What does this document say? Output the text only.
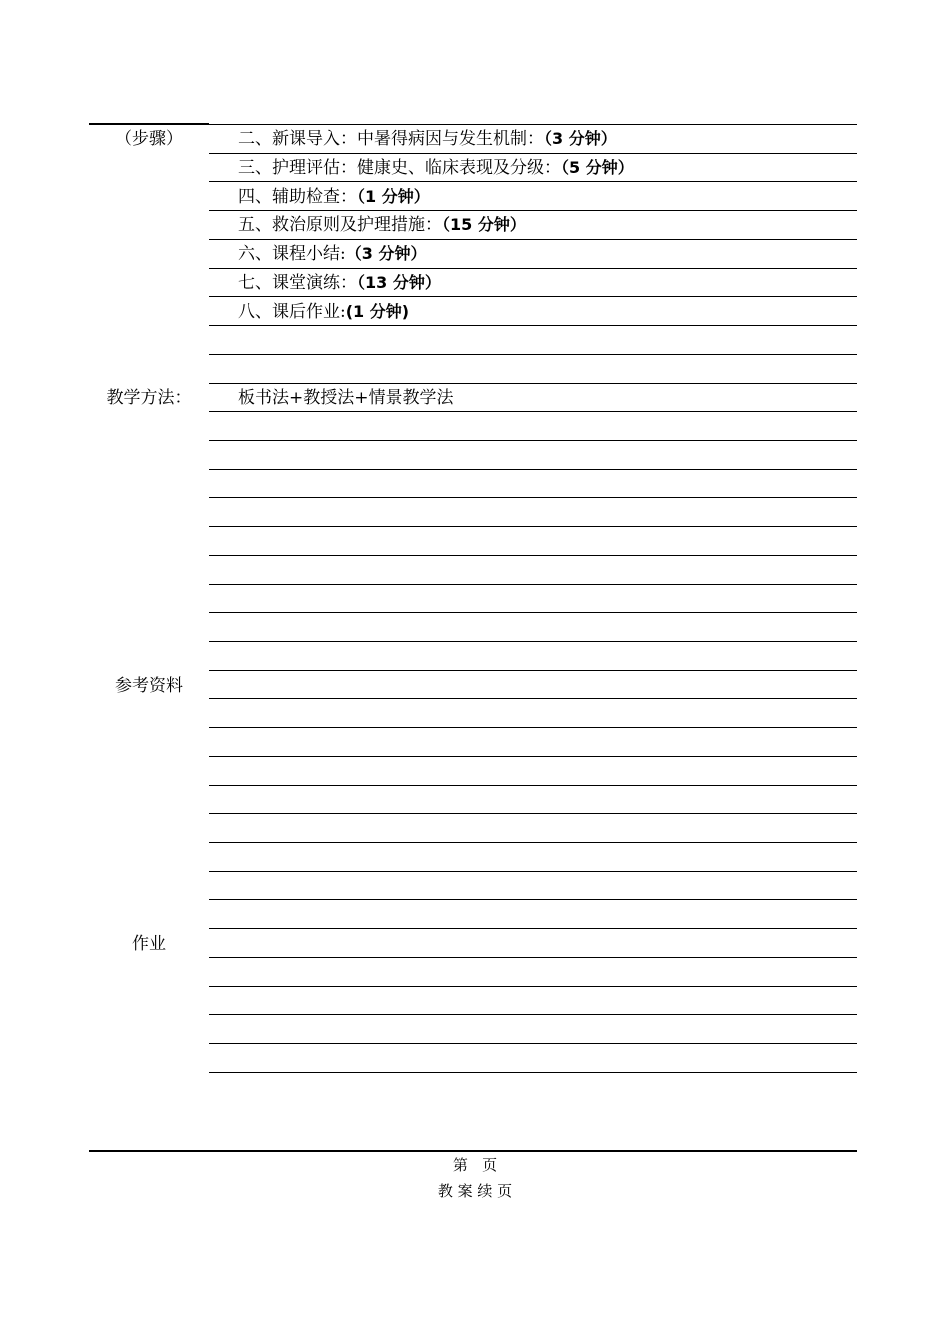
（步骤）
教学方法：
参考资料
作业
二、新课导入：中暑得病因与发生机制：（3 分钟）
三、护理评估：健康史、临床表现及分级：（5 分钟）
四、辅助检查：（1 分钟）
五、救治原则及护理措施：（15 分钟）
六、课程小结:（3 分钟）
七、课堂演练：（13 分钟）
八、课后作业:(1 分钟)
板书法+教授法+情景教学法
第   页
教 案 续 页
